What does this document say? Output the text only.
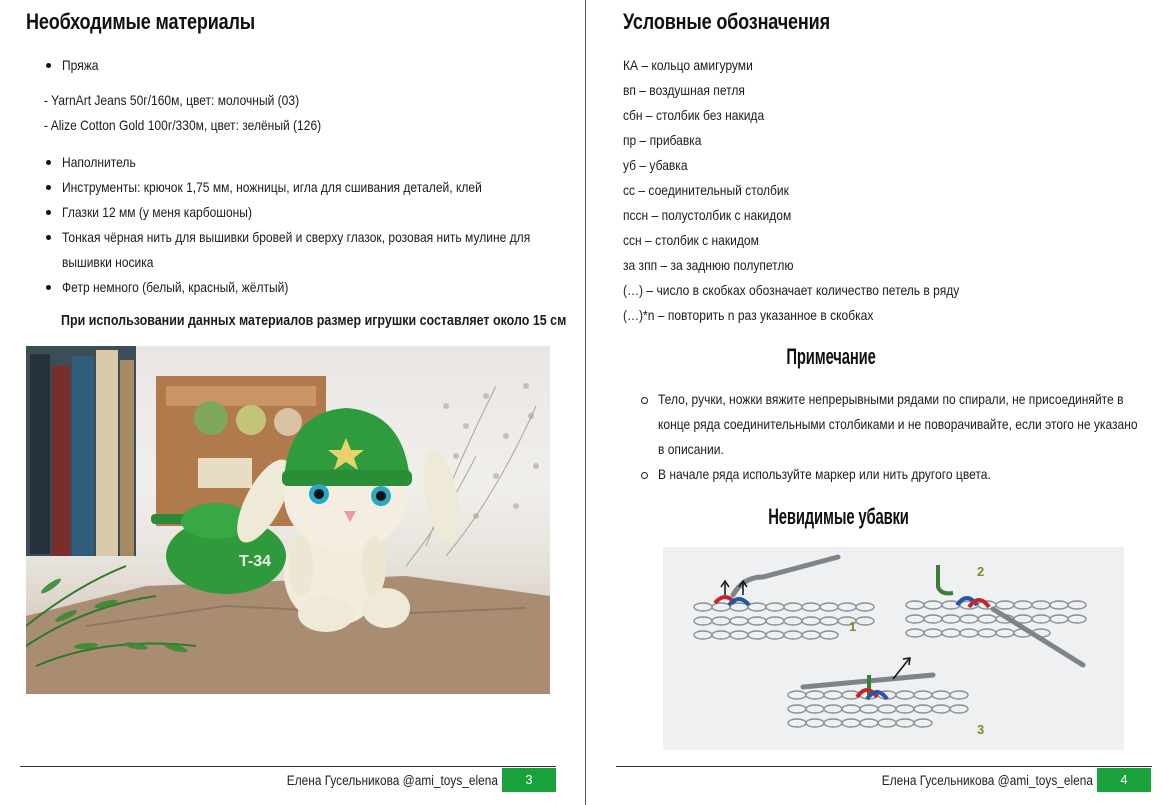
Необходимые материалы
Пряжа
- YarnArt Jeans 50г/160м, цвет: молочный (03)
- Alize Cotton Gold 100г/330м, цвет: зелёный (126)
Наполнитель
Инструменты: крючок 1,75 мм, ножницы, игла для сшивания деталей, клей
Глазки 12 мм (у меня карбошоны)
Тонкая чёрная нить для вышивки бровей и сверху глазок, розовая нить мулине для
вышивки носика
Фетр немного (белый, красный, жёлтый)
При использовании данных материалов размер игрушки составляет около 15 см
T-34
Елена Гусельникова @ami_toys_elena	3
Условные обозначения
КА – кольцо амигуруми
вп – воздушная петля
сбн – столбик без накида
пр – прибавка
уб – убавка
сс – соединительный столбик
пссн – полустолбик с накидом
ссн – столбик с накидом
за зпп – за заднюю полупетлю
(…) – число в скобках обозначает количество петель в ряду
(…)*n – повторить n раз указанное в скобках
Примечание
Тело, ручки, ножки вяжите непрерывными рядами по спирали, не присоединяйте в
конце ряда соединительными столбиками и не поворачивайте, если этого не указано
в описании.
В начале ряда используйте маркер или нить другого цвета.
Невидимые убавки
Елена Гусельникова @ami_toys_elena	4
1
2
3
